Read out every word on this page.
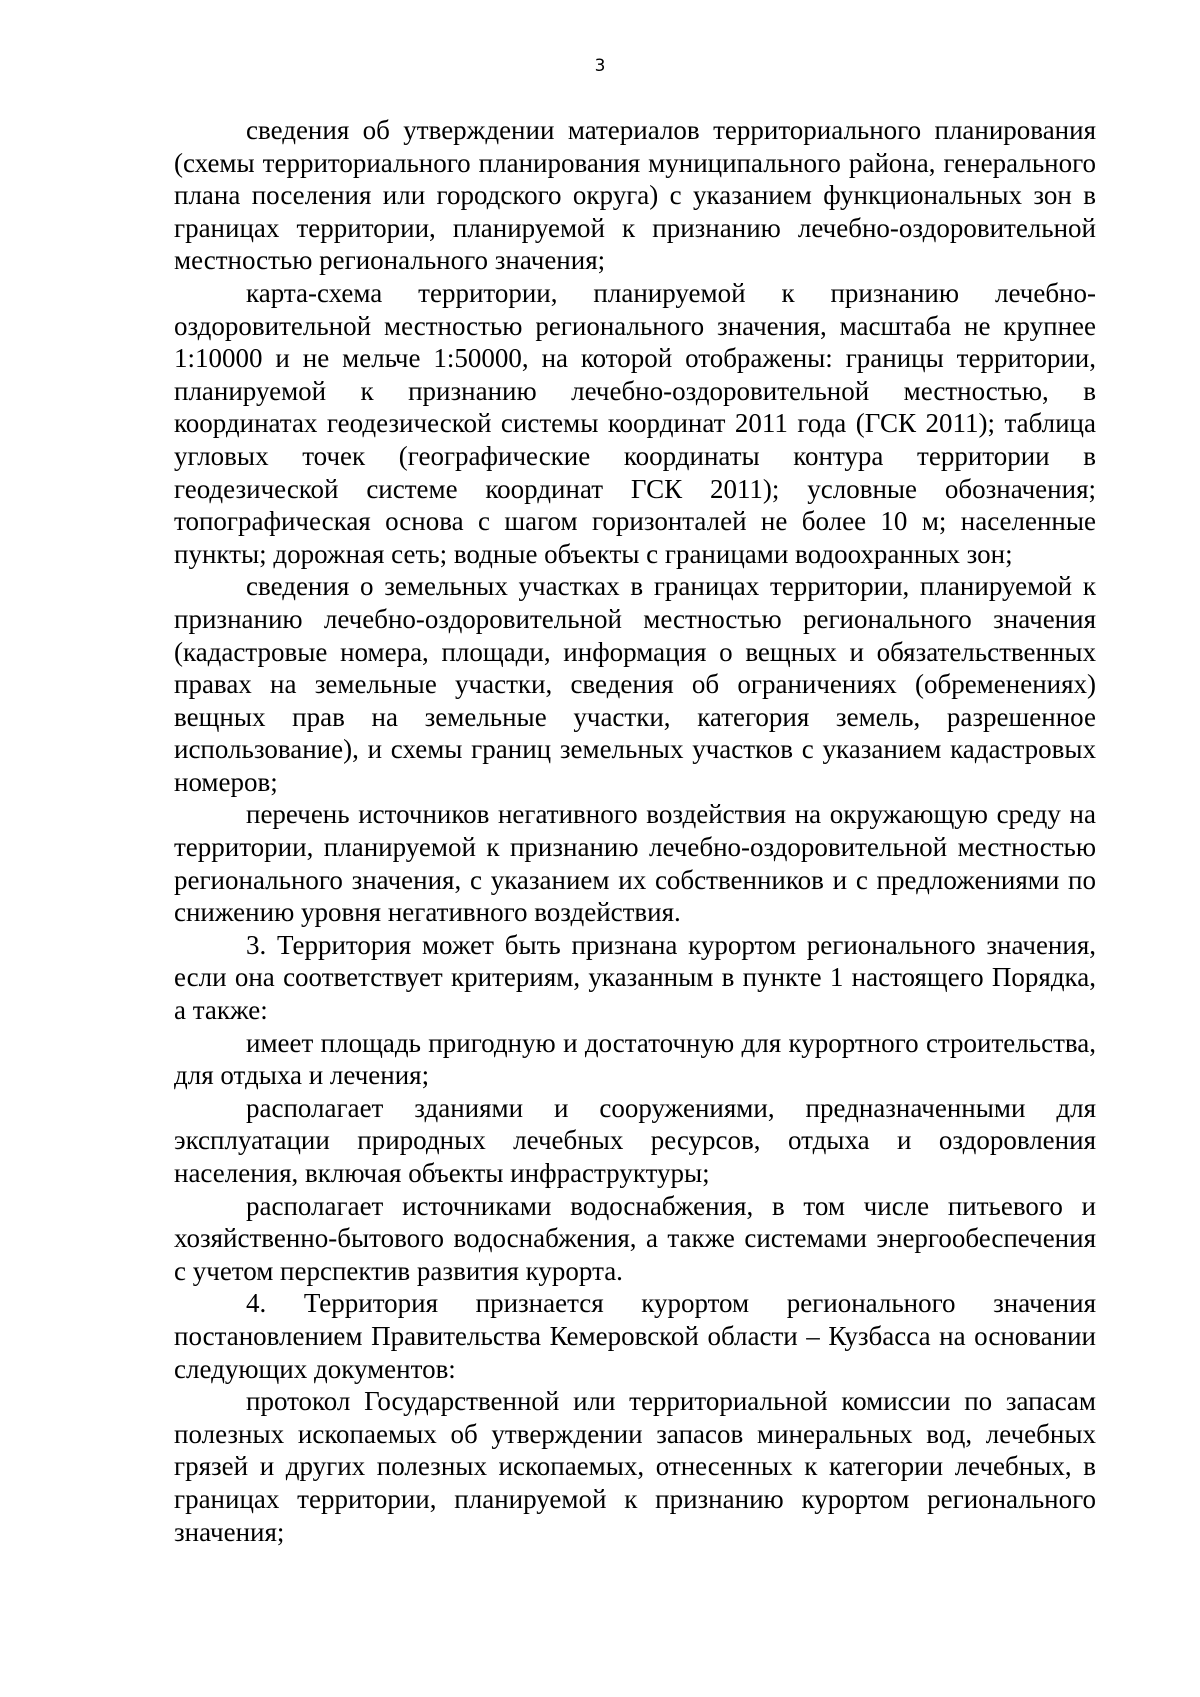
3

сведения об утверждении материалов территориального планирования (схемы территориального планирования муниципального района, генерального плана поселения или городского округа) с указанием функциональных зон в границах территории, планируемой к признанию лечебно-оздоровительной местностью регионального значения;

карта-схема территории, планируемой к признанию лечебно-оздоровительной местностью регионального значения, масштаба не крупнее 1:10000 и не мельче 1:50000, на которой отображены: границы территории, планируемой к признанию лечебно-оздоровительной местностью, в координатах геодезической системы координат 2011 года (ГСК 2011); таблица угловых точек (географические координаты контура территории в геодезической системе координат ГСК 2011); условные обозначения; топографическая основа с шагом горизонталей не более 10 м; населенные пункты; дорожная сеть; водные объекты с границами водоохранных зон;

сведения о земельных участках в границах территории, планируемой к признанию лечебно-оздоровительной местностью регионального значения (кадастровые номера, площади, информация о вещных и обязательственных правах на земельные участки, сведения об ограничениях (обременениях) вещных прав на земельные участки, категория земель, разрешенное использование), и схемы границ земельных участков с указанием кадастровых номеров;

перечень источников негативного воздействия на окружающую среду на территории, планируемой к признанию лечебно-оздоровительной местностью регионального значения, с указанием их собственников и с предложениями по снижению уровня негативного воздействия.

3. Территория может быть признана курортом регионального значения, если она соответствует критериям, указанным в пункте 1 настоящего Порядка, а также:

имеет площадь пригодную и достаточную для курортного строительства, для отдыха и лечения;

располагает зданиями и сооружениями, предназначенными для эксплуатации природных лечебных ресурсов, отдыха и оздоровления населения, включая объекты инфраструктуры;

располагает источниками водоснабжения, в том числе питьевого и хозяйственно-бытового водоснабжения, а также системами энергообеспечения с учетом перспектив развития курорта.

4. Территория признается курортом регионального значения постановлением Правительства Кемеровской области – Кузбасса на основании следующих документов:

протокол Государственной или территориальной комиссии по запасам полезных ископаемых об утверждении запасов минеральных вод, лечебных грязей и других полезных ископаемых, отнесенных к категории лечебных, в границах территории, планируемой к признанию курортом регионального значения;
